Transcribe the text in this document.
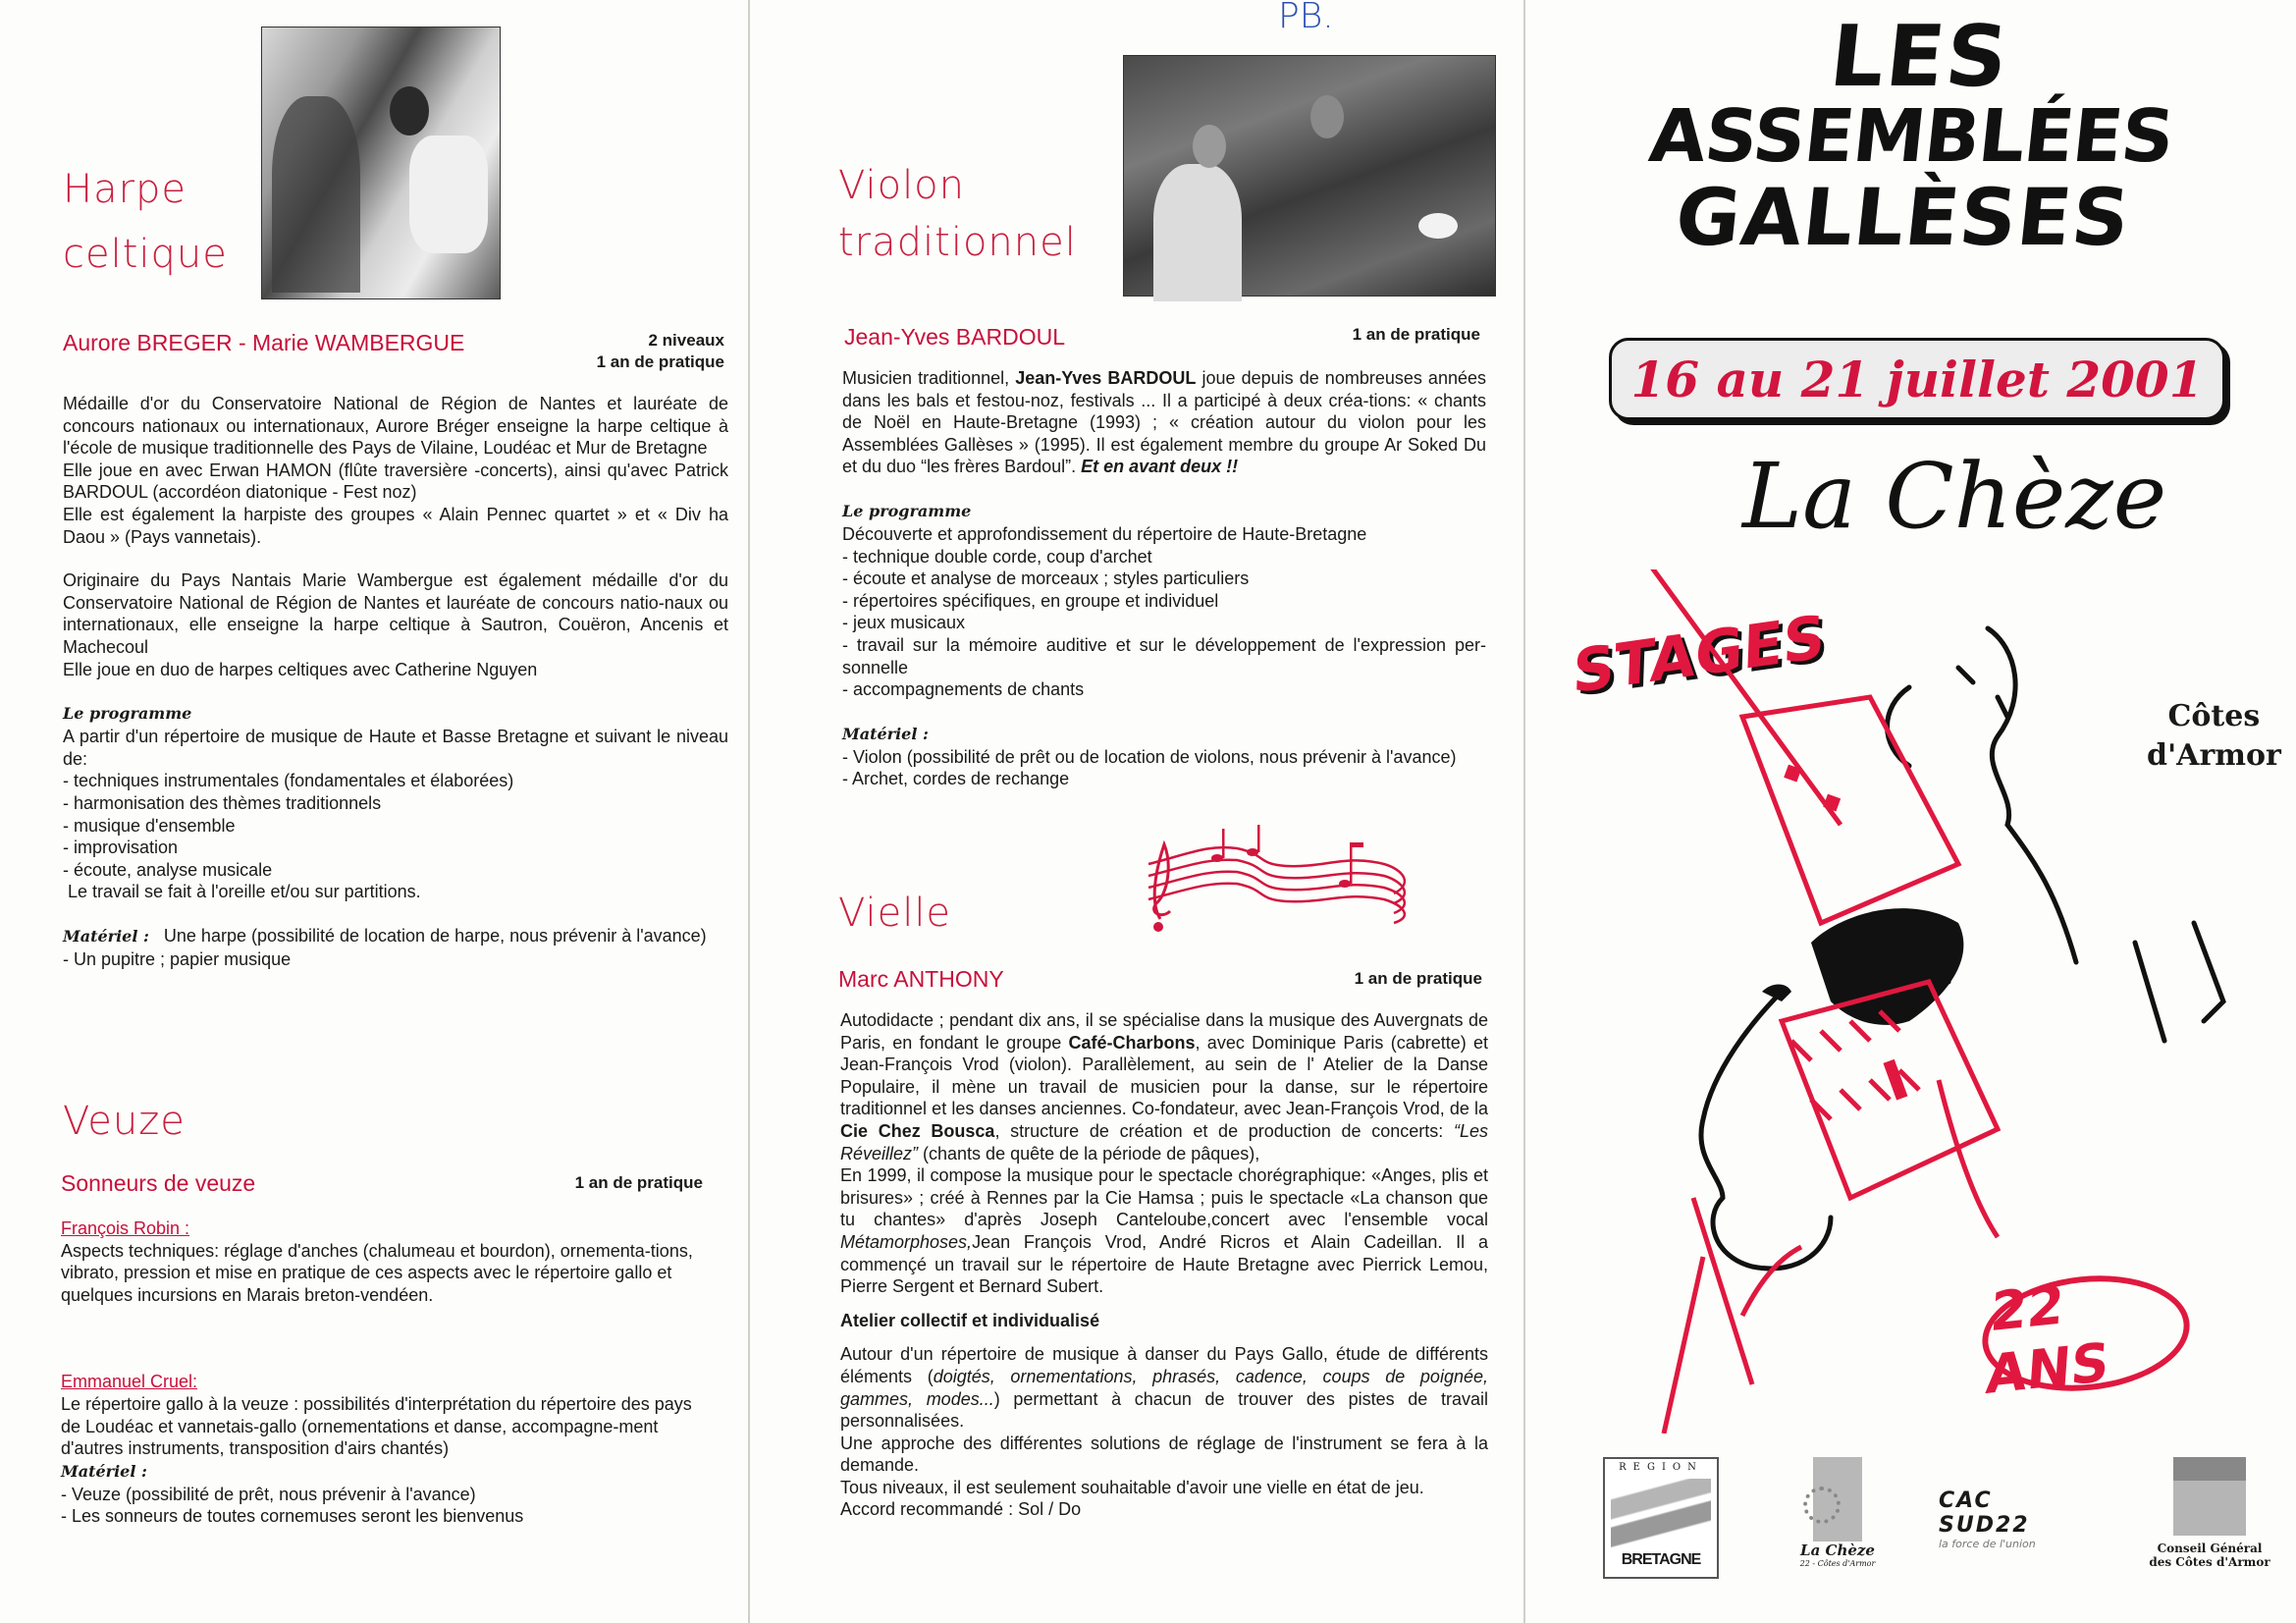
Harpe
celtique
Aurore BREGER - Marie WAMBERGUE	2 niveaux
1 an de pratique

Médaille d'or du Conservatoire National de Région de Nantes et lauréate de concours nationaux ou internationaux, Aurore Bréger enseigne la harpe celtique à l'école de musique traditionnelle des Pays de Vilaine, Loudéac et Mur de Bretagne

Elle joue en avec Erwan HAMON (flûte traversière -concerts), ainsi qu'avec Patrick BARDOUL (accordéon diatonique - Fest noz)

Elle est également la harpiste des groupes « Alain Pennec quartet » et « Div ha Daou » (Pays vannetais).

Originaire du Pays Nantais Marie Wambergue est également médaille d'or du Conservatoire National de Région de Nantes et lauréate de concours natio-naux ou internationaux, elle enseigne la harpe celtique à Sautron, Couëron, Ancenis et Machecoul

Elle joue en duo de harpes celtiques avec Catherine Nguyen

Le programme

A partir d'un répertoire de musique de Haute et Basse Bretagne et suivant le niveau de:

- techniques instrumentales (fondamentales et élaborées)

- harmonisation des thèmes traditionnels

- musique d'ensemble

- improvisation

- écoute, analyse musicale

Le travail se fait à l'oreille et/ou sur partitions.

Matériel : Une harpe (possibilité de location de harpe, nous prévenir à l'avance)

- Un pupitre ; papier musique

Veuze
Sonneurs de veuze	1 an de pratique

François Robin :

Aspects techniques: réglage d'anches (chalumeau et bourdon), ornementa-tions, vibrato, pression et mise en pratique de ces aspects avec le répertoire gallo et quelques incursions en Marais breton-vendéen.

Emmanuel Cruel:

Le répertoire gallo à la veuze : possibilités d'interprétation du répertoire des pays de Loudéac et vannetais-gallo (ornementations et danse, accompagne-ment d'autres instruments, transposition d'airs chantés)

Matériel :

- Veuze (possibilité de prêt, nous prévenir à l'avance)

- Les sonneurs de toutes cornemuses seront les bienvenus

PB.
Violon
traditionnel
Jean-Yves BARDOUL	1 an de pratique

Musicien traditionnel, Jean-Yves BARDOUL joue depuis de nombreuses années dans les bals et festou-noz, festivals ... Il a participé à deux créa-tions: « chants de Noël en Haute-Bretagne (1993) ; « création autour du violon pour les Assemblées Gallèses » (1995). Il est également membre du groupe Ar Soked Du et du duo “les frères Bardoul”. Et en avant deux !!

Le programme

Découverte et approfondissement du répertoire de Haute-Bretagne

- technique double corde, coup d'archet

- écoute et analyse de morceaux ; styles particuliers

- répertoires spécifiques, en groupe et individuel

- jeux musicaux

- travail sur la mémoire auditive et sur le développement de l'expression per-sonnelle

- accompagnements de chants

Matériel :

- Violon (possibilité de prêt ou de location de violons, nous prévenir à l'avance)

- Archet, cordes de rechange

Vielle
Marc ANTHONY	1 an de pratique

Autodidacte ; pendant dix ans, il se spécialise dans la musique des Auvergnats de Paris, en fondant le groupe Café-Charbons, avec Dominique Paris (cabrette) et Jean-François Vrod (violon). Parallèlement, au sein de l' Atelier de la Danse Populaire, il mène un travail de musicien pour la danse, sur le répertoire traditionnel et les danses anciennes. Co-fondateur, avec Jean-François Vrod, de la Cie Chez Bousca, structure de création et de production de concerts: “Les Réveillez” (chants de quête de la période de pâques),

En 1999, il compose la musique pour le spectacle chorégraphique: «Anges, plis et brisures» ; créé à Rennes par la Cie Hamsa ; puis le spectacle «La chanson que tu chantes» d'après Joseph Canteloube,concert avec l'ensemble vocal Métamorphoses,Jean François Vrod, André Ricros et Alain Cadeillan. Il a commençé un travail sur le répertoire de Haute Bretagne avec Pierrick Lemou, Pierre Sergent et Bernard Subert.

Atelier collectif et individualisé

Autour d'un répertoire de musique à danser du Pays Gallo, étude de différents éléments (doigtés, ornementations, phrasés, cadence, coups de poignée, gammes, modes...) permettant à chacun de trouver des pistes de travail personnalisées.

Une approche des différentes solutions de réglage de l'instrument se fera à la demande.

Tous niveaux, il est seulement souhaitable d'avoir une vielle en état de jeu.

Accord recommandé : Sol / Do

LES
ASSEMBLÉES
GALLÈSES
16 au 21 juillet 2001
La Chèze
STAGES
Côtes
d'Armor
22 ANS
REGION
BRETAGNE
La Chèze
22 - Côtes d'Armor
CAC SUD22
la force de l'union	Conseil Général
des Côtes d'Armor
